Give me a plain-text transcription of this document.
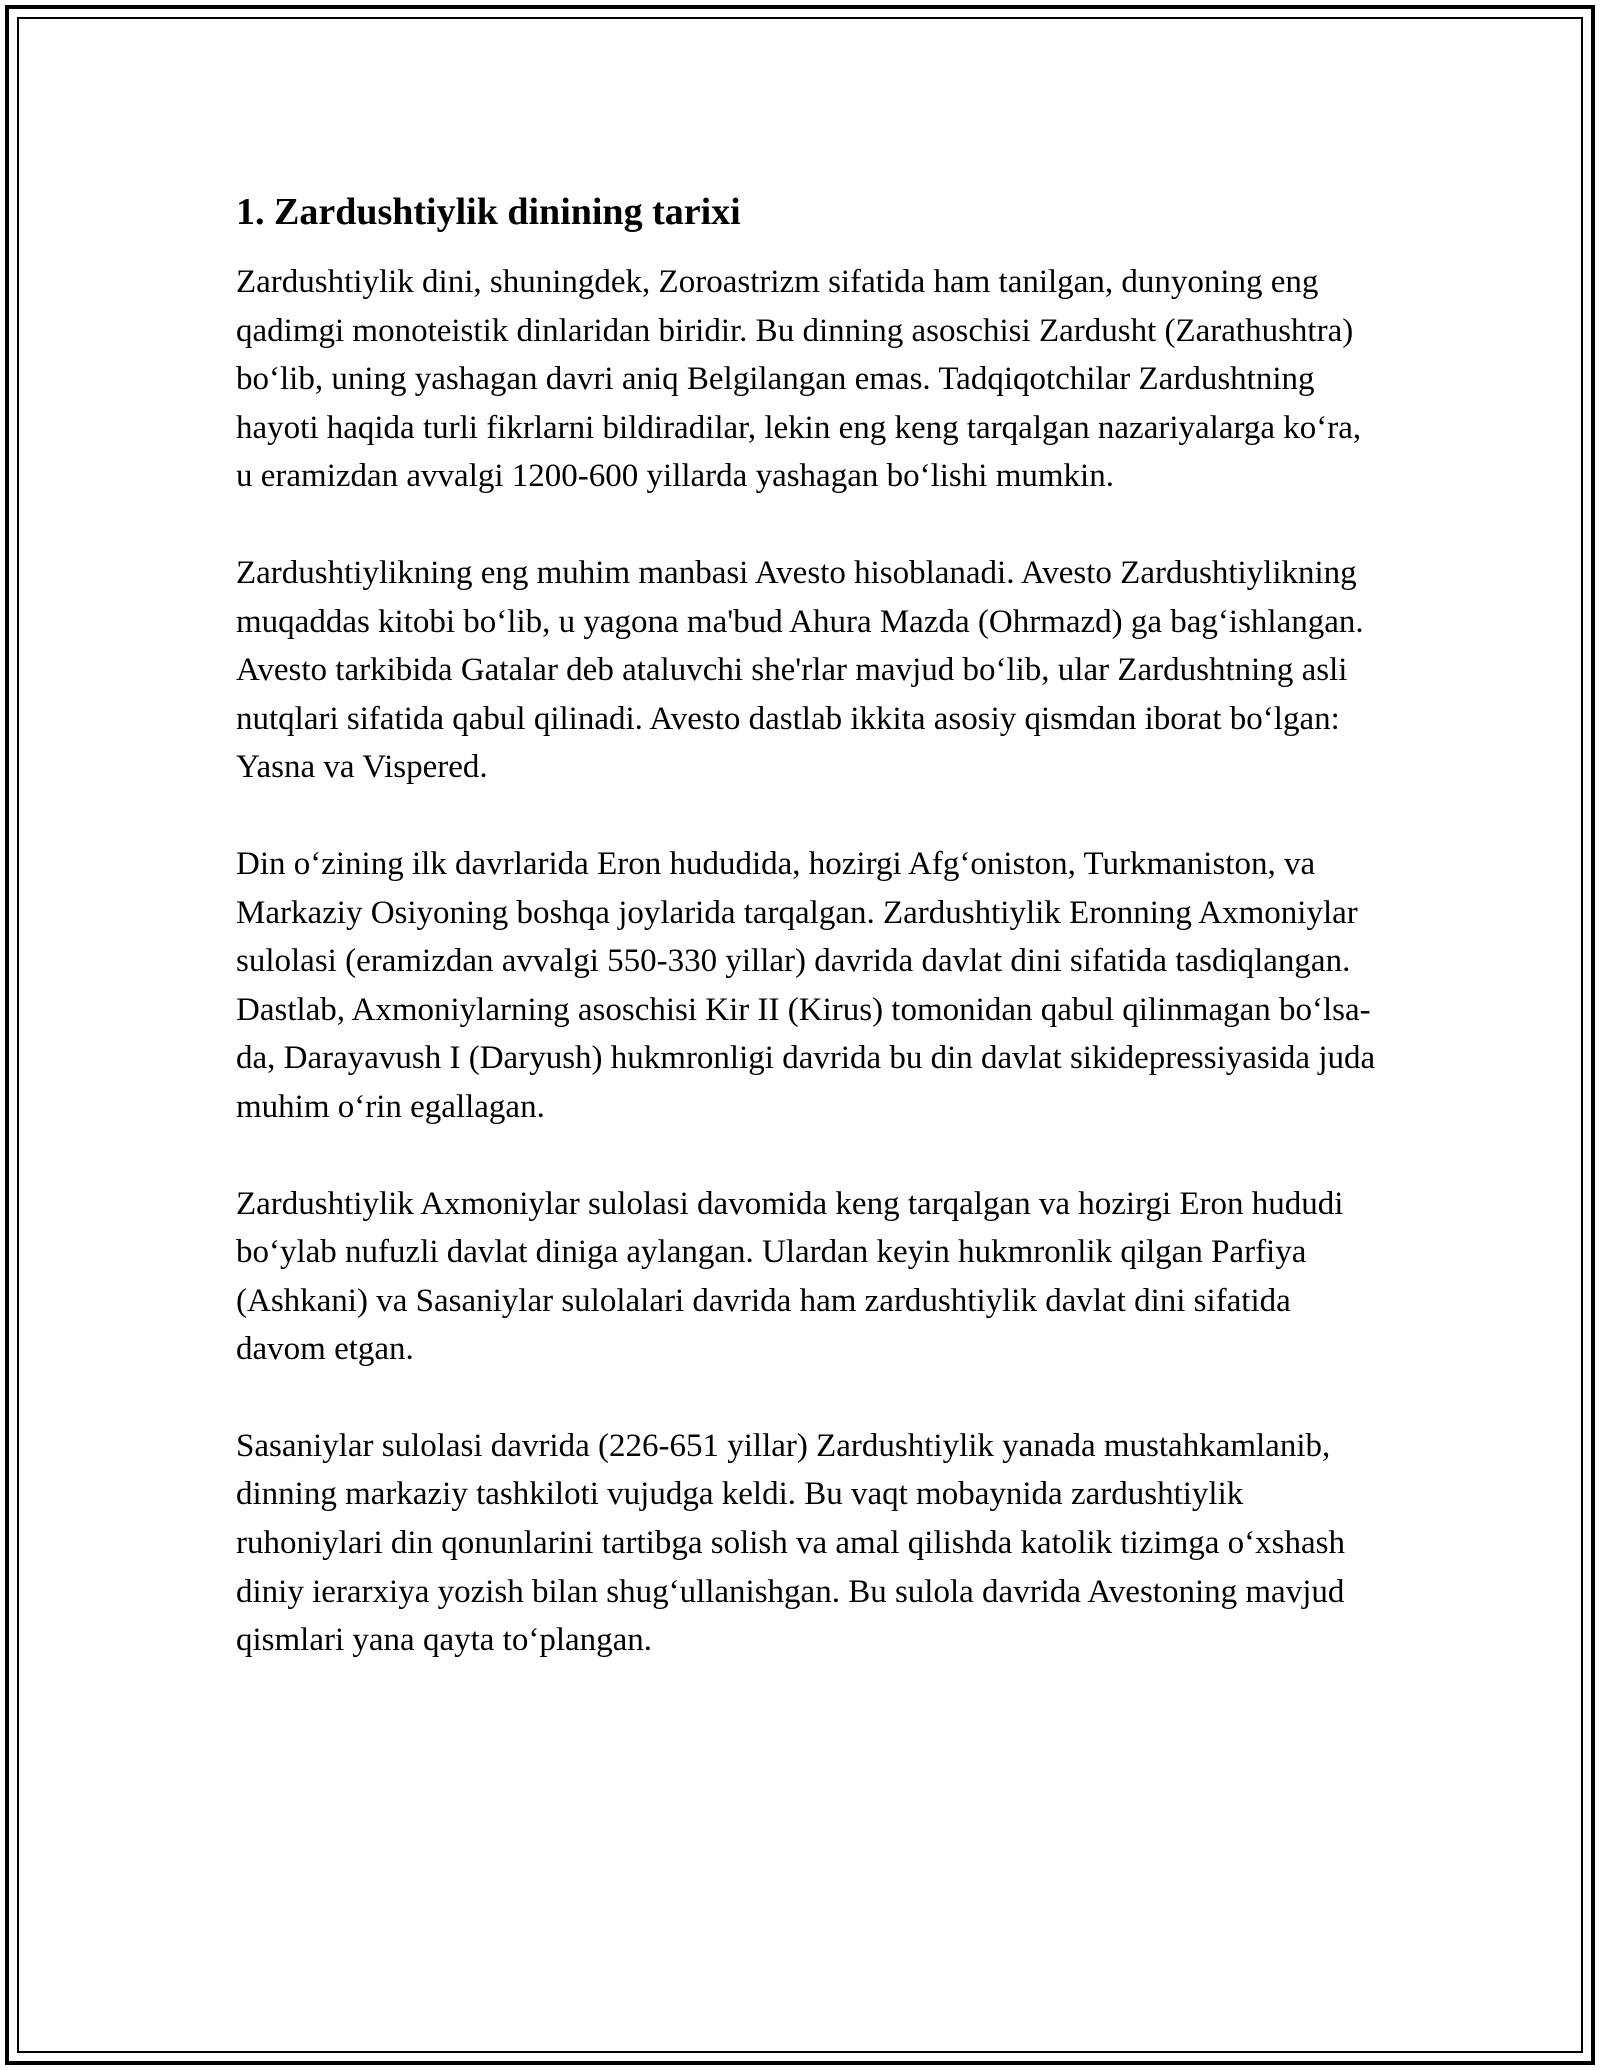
1. Zardushtiylik dinining tarixi

Zardushtiylik dini, shuningdek, Zoroastrizm sifatida ham tanilgan, dunyoning eng qadimgi monoteistik dinlaridan biridir. Bu dinning asoschisi Zardusht (Zarathushtra) bo‘lib, uning yashagan davri aniq Belgilangan emas. Tadqiqotchilar Zardushtning hayoti haqida turli fikrlarni bildiradilar, lekin eng keng tarqalgan nazariyalarga ko‘ra, u eramizdan avvalgi 1200-600 yillarda yashagan bo‘lishi mumkin.

Zardushtiylikning eng muhim manbasi Avesto hisoblanadi. Avesto Zardushtiylikning muqaddas kitobi bo‘lib, u yagona ma'bud Ahura Mazda (Ohrmazd) ga bag‘ishlangan. Avesto tarkibida Gatalar deb ataluvchi she'rlar mavjud bo‘lib, ular Zardushtning asli nutqlari sifatida qabul qilinadi. Avesto dastlab ikkita asosiy qismdan iborat bo‘lgan: Yasna va Vispered.

Din o‘zining ilk davrlarida Eron hududida, hozirgi Afg‘oniston, Turkmaniston, va Markaziy Osiyoning boshqa joylarida tarqalgan. Zardushtiylik Eronning Axmoniylar sulolasi (eramizdan avvalgi 550-330 yillar) davrida davlat dini sifatida tasdiqlangan. Dastlab, Axmoniylarning asoschisi Kir II (Kirus) tomonidan qabul qilinmagan bo‘lsa-da, Darayavush I (Daryush) hukmronligi davrida bu din davlat sikidepressiyasida juda muhim o‘rin egallagan.

Zardushtiylik Axmoniylar sulolasi davomida keng tarqalgan va hozirgi Eron hududi bo‘ylab nufuzli davlat diniga aylangan. Ulardan keyin hukmronlik qilgan Parfiya (Ashkani) va Sasaniylar sulolalari davrida ham zardushtiylik davlat dini sifatida davom etgan.

Sasaniylar sulolasi davrida (226-651 yillar) Zardushtiylik yanada mustahkamlanib, dinning markaziy tashkiloti vujudga keldi. Bu vaqt mobaynida zardushtiylik ruhoniylari din qonunlarini tartibga solish va amal qilishda katolik tizimga o‘xshash diniy ierarxiya yozish bilan shug‘ullanishgan. Bu sulola davrida Avestoning mavjud qismlari yana qayta to‘plangan.
